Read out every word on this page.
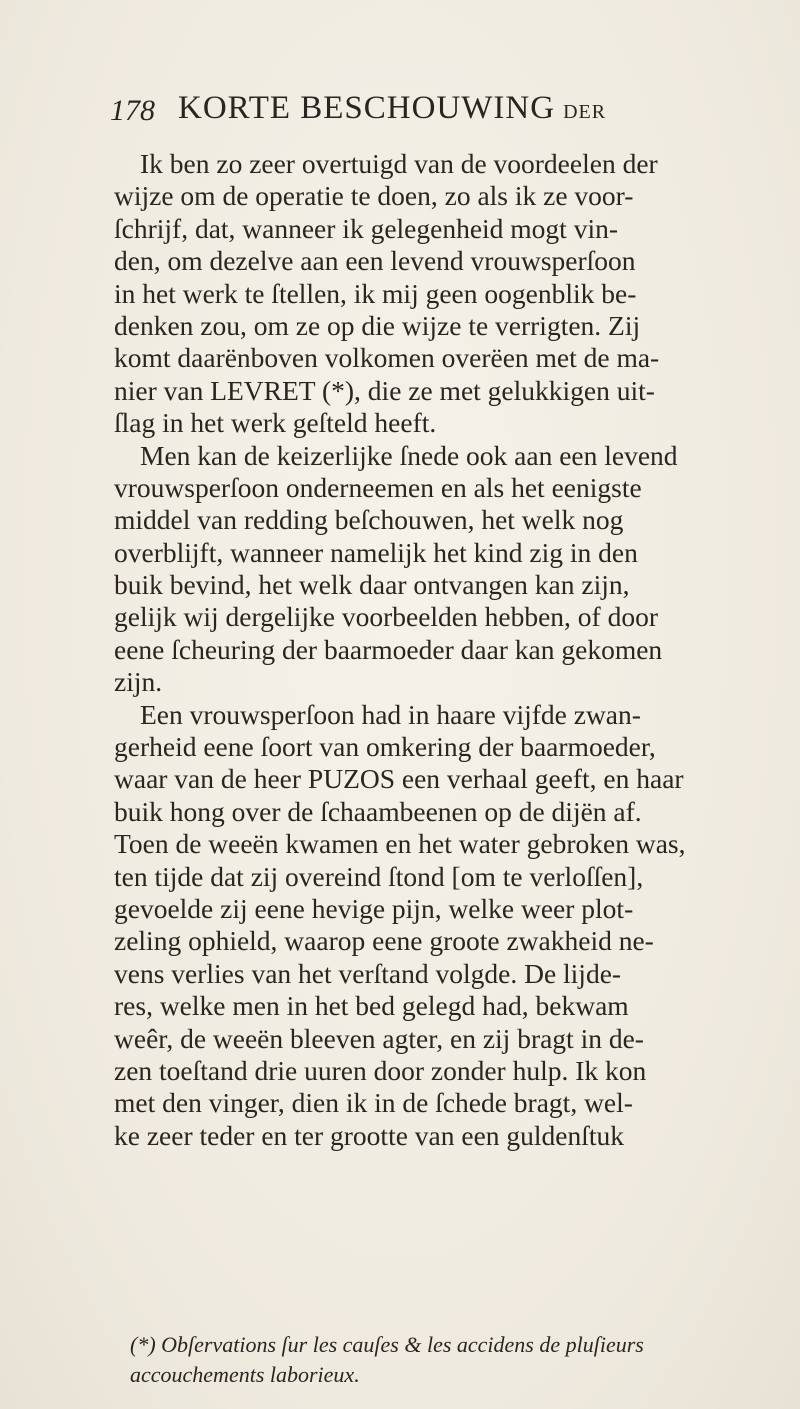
178 KORTE BESCHOUWING DER
Ik ben zo zeer overtuigd van de voordeelen der
wijze om de operatie te doen, zo als ik ze voor-
ſchrijf, dat, wanneer ik gelegenheid mogt vin-
den, om dezelve aan een levend vrouwsperſoon
in het werk te ſtellen, ik mij geen oogenblik be-
denken zou, om ze op die wijze te verrigten. Zij
komt daarënboven volkomen overëen met de ma-
nier van LEVRET (*), die ze met gelukkigen uit-
ſlag in het werk geſteld heeft.
Men kan de keizerlijke ſnede ook aan een levend
vrouwsperſoon onderneemen en als het eenigste
middel van redding beſchouwen, het welk nog
overblijft, wanneer namelijk het kind zig in den
buik bevind, het welk daar ontvangen kan zijn,
gelijk wij dergelijke voorbeelden hebben, of door
eene ſcheuring der baarmoeder daar kan gekomen
zijn.
Een vrouwsperſoon had in haare vijfde zwan-
gerheid eene ſoort van omkering der baarmoeder,
waar van de heer PUZOS een verhaal geeft, en haar
buik hong over de ſchaambeenen op de dijën af.
Toen de weeën kwamen en het water gebroken was,
ten tijde dat zij overeind ſtond [om te verloſſen],
gevoelde zij eene hevige pijn, welke weer plot-
zeling ophield, waarop eene groote zwakheid ne-
vens verlies van het verſtand volgde. De lijde-
res, welke men in het bed gelegd had, bekwam
weêr, de weeën bleeven agter, en zij bragt in de-
zen toeſtand drie uuren door zonder hulp. Ik kon
met den vinger, dien ik in de ſchede bragt, wel-
ke zeer teder en ter grootte van een guldenſtuk
(*) Obſervations ſur les cauſes & les accidens de pluſieurs
accouchements laborieux.
